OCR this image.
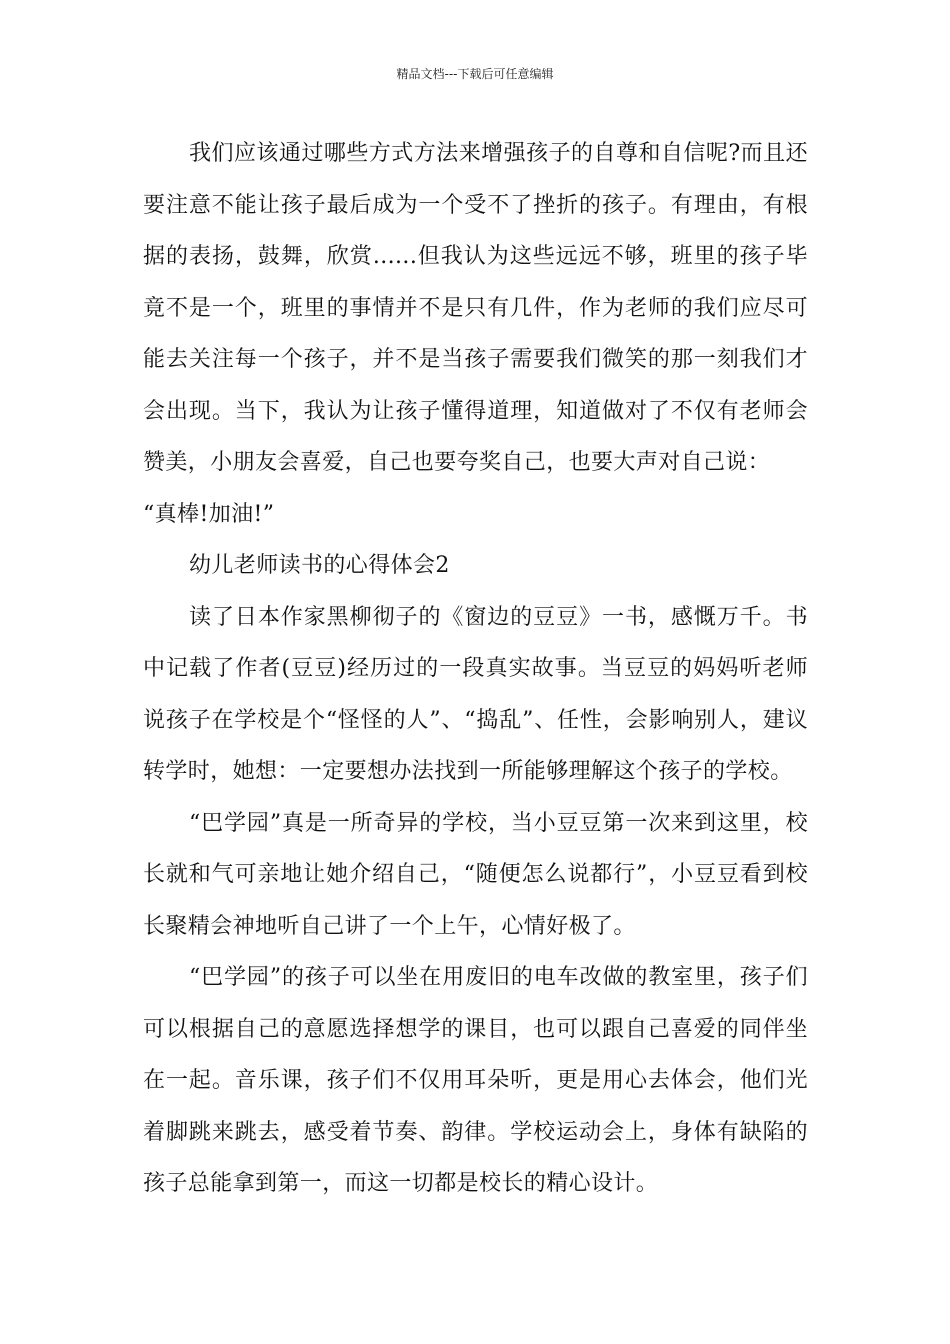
精品文档---下载后可任意编辑

我们应该通过哪些方式方法来增强孩子的自尊和自信呢?而且还要注意不能让孩子最后成为一个受不了挫折的孩子。有理由，有根据的表扬，鼓舞，欣赏......但我认为这些远远不够，班里的孩子毕竟不是一个，班里的事情并不是只有几件，作为老师的我们应尽可能去关注每一个孩子，并不是当孩子需要我们微笑的那一刻我们才会出现。当下，我认为让孩子懂得道理，知道做对了不仅有老师会赞美，小朋友会喜爱，自己也要夸奖自己，也要大声对自己说：

“真棒!加油!”

幼儿老师读书的心得体会2

读了日本作家黑柳彻子的《窗边的豆豆》一书，感慨万千。书中记载了作者(豆豆)经历过的一段真实故事。当豆豆的妈妈听老师说孩子在学校是个“怪怪的人”、“捣乱”、任性，会影响别人，建议转学时，她想：一定要想办法找到一所能够理解这个孩子的学校。

“巴学园”真是一所奇异的学校，当小豆豆第一次来到这里，校长就和气可亲地让她介绍自己，“随便怎么说都行”，小豆豆看到校长聚精会神地听自己讲了一个上午，心情好极了。

“巴学园”的孩子可以坐在用废旧的电车改做的教室里，孩子们可以根据自己的意愿选择想学的课目，也可以跟自己喜爱的同伴坐在一起。音乐课，孩子们不仅用耳朵听，更是用心去体会，他们光着脚跳来跳去，感受着节奏、韵律。学校运动会上，身体有缺陷的孩子总能拿到第一，而这一切都是校长的精心设计。
